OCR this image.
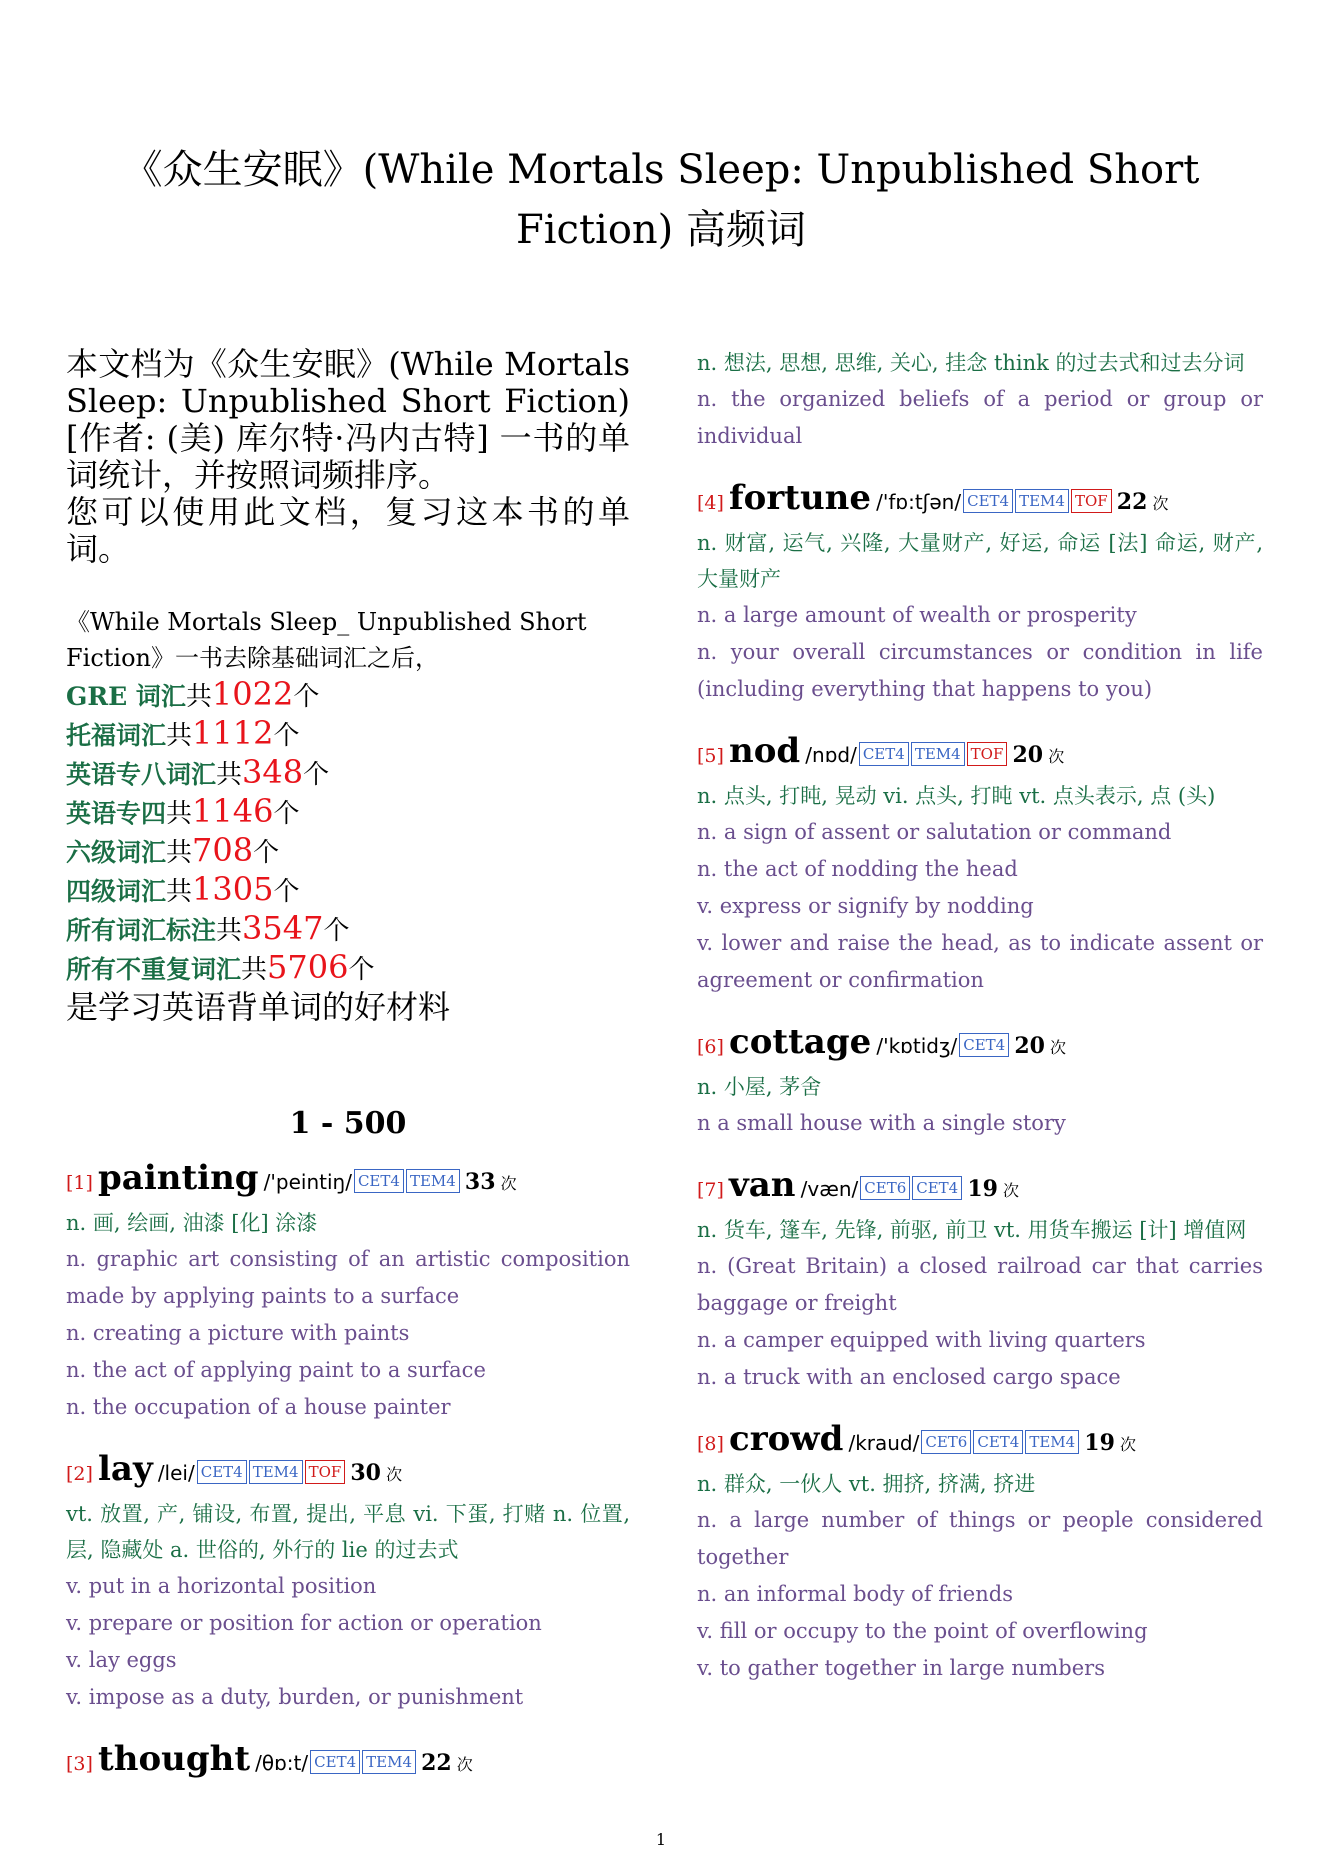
《众生安眠》(While Mortals Sleep: Unpublished Short Fiction) 高频词
本文档为《众生安眠》(While Mortals Sleep: Unpublished Short Fiction)[作者: (美) 库尔特·冯内古特] 一书的单词统计，并按照词频排序。
您可以使用此文档，复习这本书的单词。
《While Mortals Sleep_ Unpublished Short Fiction》一书去除基础词汇之后，
GRE 词汇共1022个
托福词汇共1112个
英语专八词汇共348个
英语专四共1146个
六级词汇共708个
四级词汇共1305个
所有词汇标注共3547个
所有不重复词汇共5706个
是学习英语背单词的好材料
1 - 500
[1] painting /'peintiŋ/ CET4 TEM4 33 次
n. 画, 绘画, 油漆 [化] 涂漆
n. graphic art consisting of an artistic composition made by applying paints to a surface
n. creating a picture with paints
n. the act of applying paint to a surface
n. the occupation of a house painter
[2] lay /lei/ CET4 TEM4 TOF 30 次
vt. 放置, 产, 铺设, 布置, 提出, 平息 vi. 下蛋, 打赌 n. 位置, 层, 隐藏处 a. 世俗的, 外行的 lie 的过去式
v. put in a horizontal position
v. prepare or position for action or operation
v. lay eggs
v. impose as a duty, burden, or punishment
[3] thought /θɒ:t/ CET4 TEM4 22 次
n. 想法, 思想, 思维, 关心, 挂念 think 的过去式和过去分词
n. the organized beliefs of a period or group or individual
[4] fortune /'fɒ:tʃən/ CET4 TEM4 TOF 22 次
n. 财富, 运气, 兴隆, 大量财产, 好运, 命运 [法] 命运, 财产, 大量财产
n. a large amount of wealth or prosperity
n. your overall circumstances or condition in life (including everything that happens to you)
[5] nod /nɒd/ CET4 TEM4 TOF 20 次
n. 点头, 打盹, 晃动 vi. 点头, 打盹 vt. 点头表示, 点 (头)
n. a sign of assent or salutation or command
n. the act of nodding the head
v. express or signify by nodding
v. lower and raise the head, as to indicate assent or agreement or confirmation
[6] cottage /'kɒtidʒ/ CET4 20 次
n. 小屋, 茅舍
n a small house with a single story
[7] van /væn/ CET6 CET4 19 次
n. 货车, 篷车, 先锋, 前驱, 前卫 vt. 用货车搬运 [计] 增值网
n. (Great Britain) a closed railroad car that carries baggage or freight
n. a camper equipped with living quarters
n. a truck with an enclosed cargo space
[8] crowd /kraud/ CET6 CET4 TEM4 19 次
n. 群众, 一伙人 vt. 拥挤, 挤满, 挤进
n. a large number of things or people considered together
n. an informal body of friends
v. fill or occupy to the point of overflowing
v. to gather together in large numbers
1
